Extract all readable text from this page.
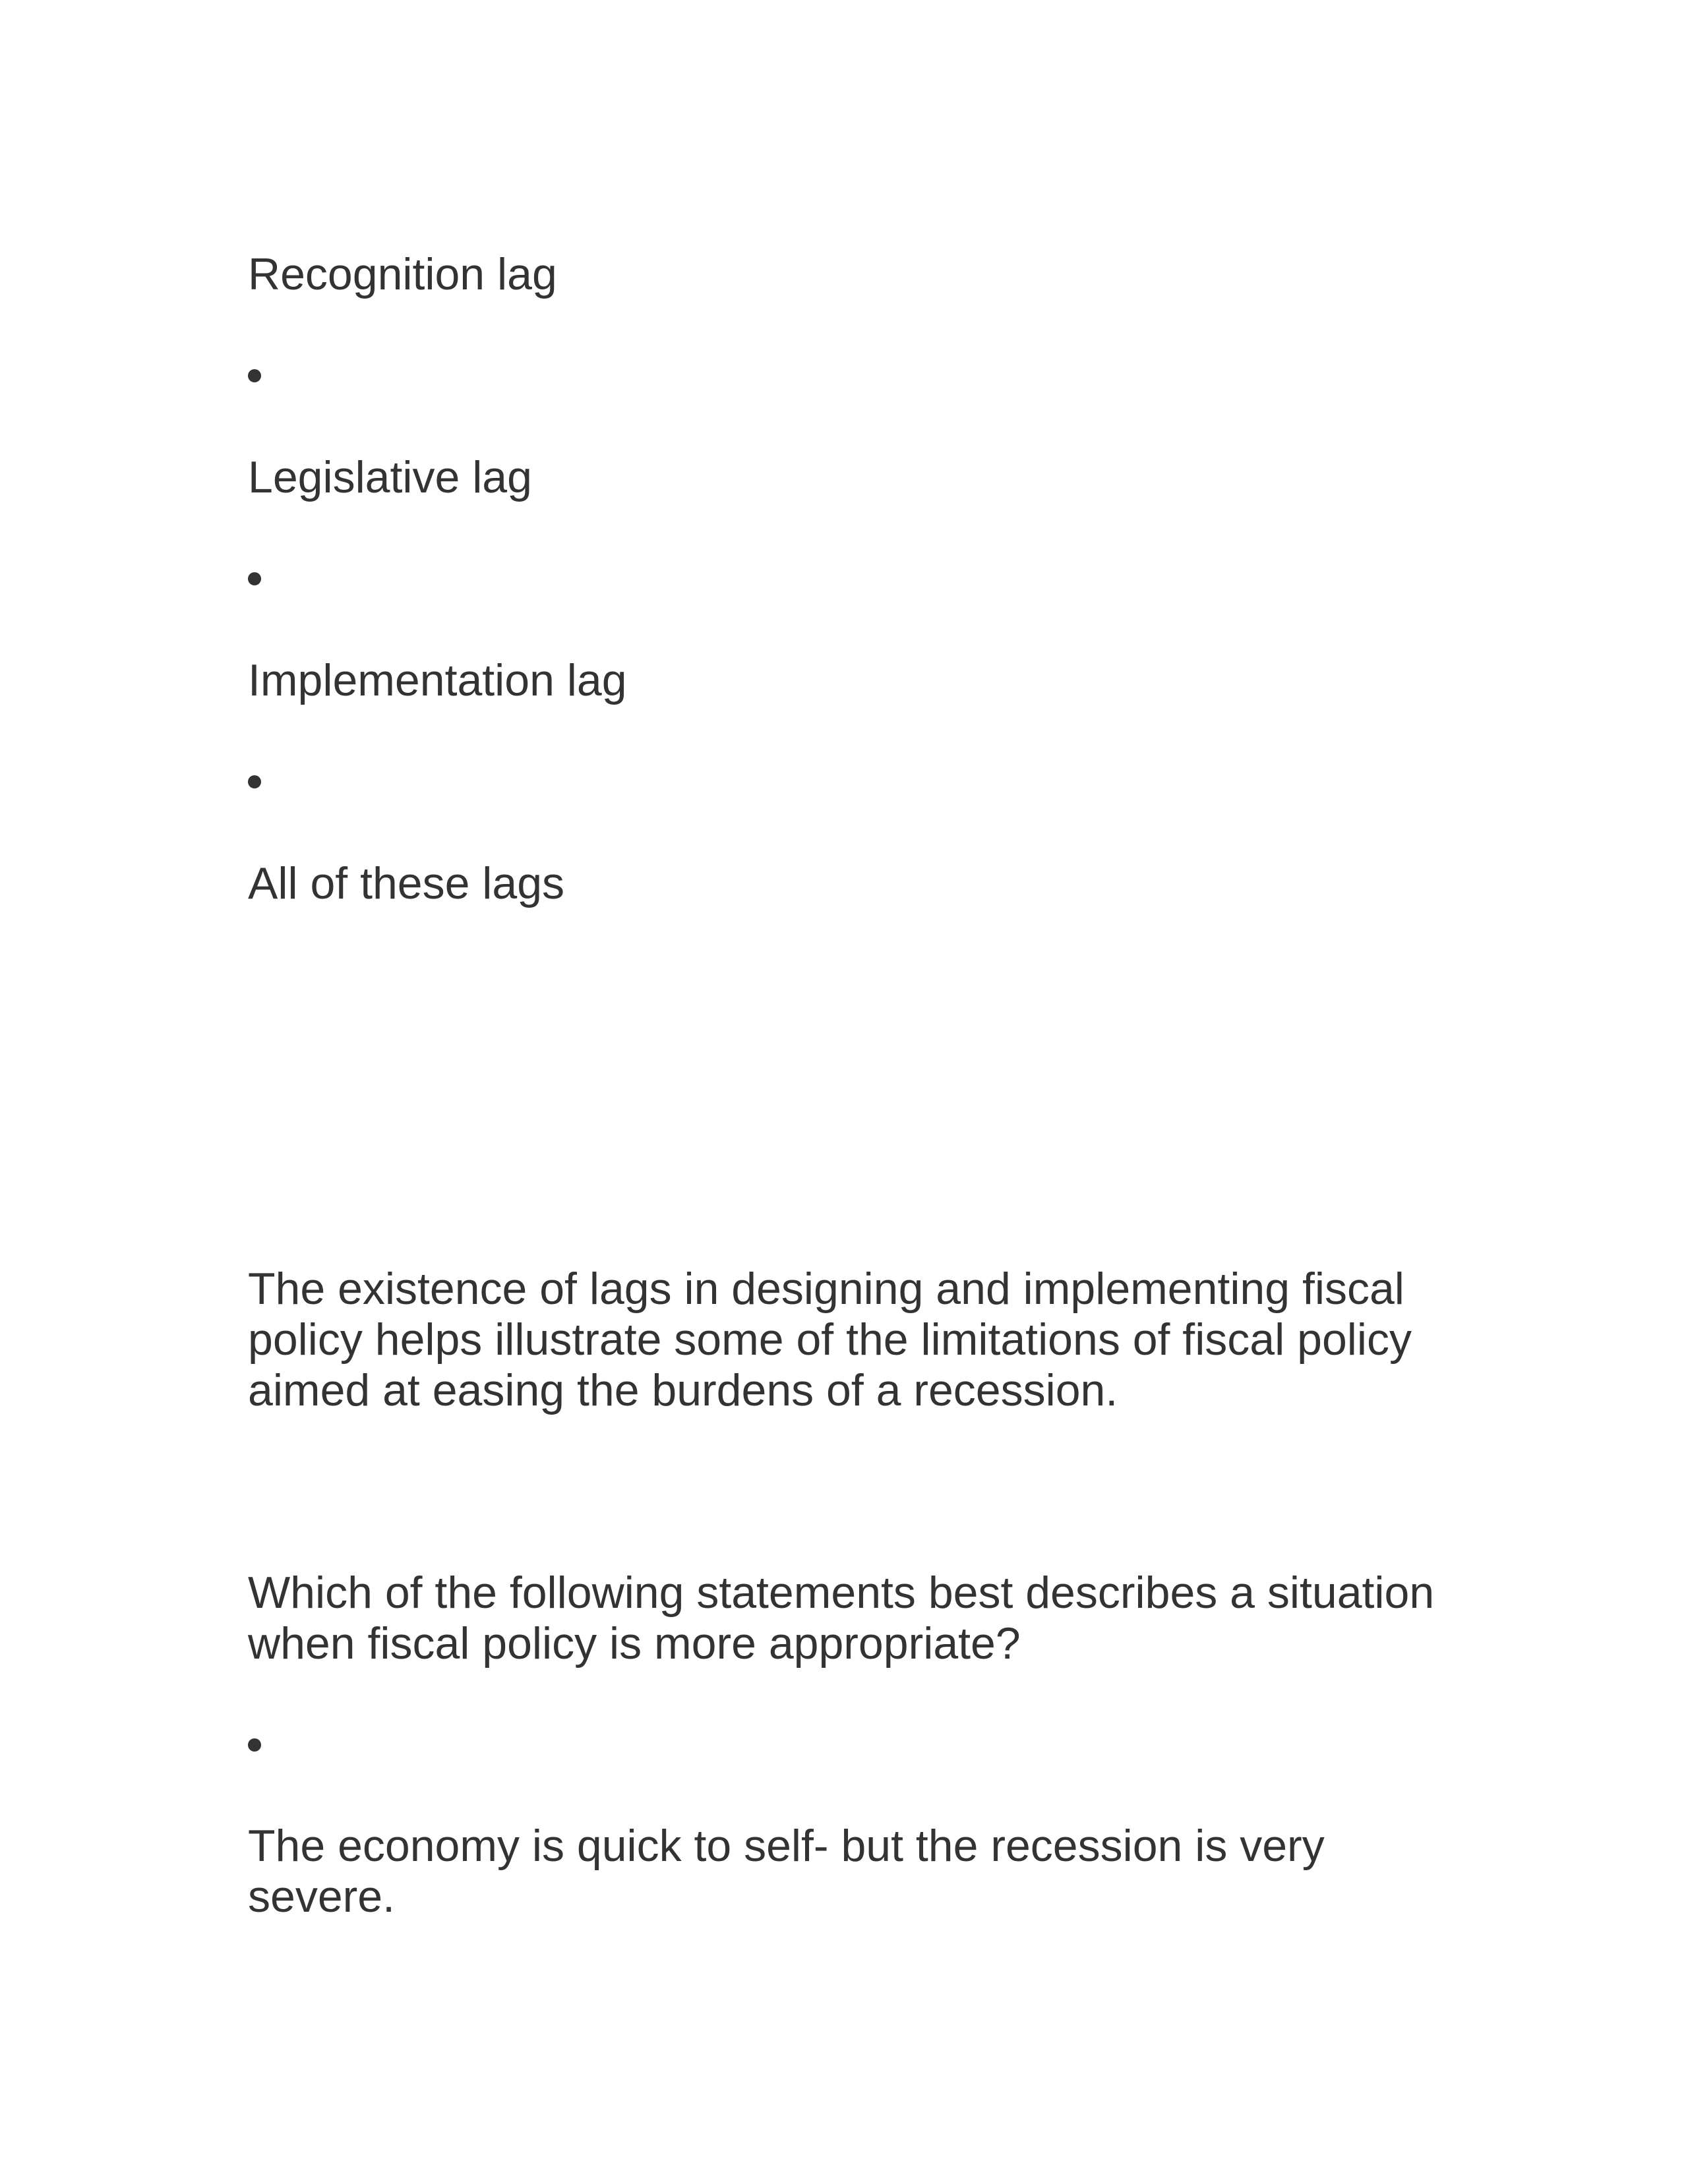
Recognition lag

Legislative lag

Implementation lag

All of these lags

The existence of lags in designing and implementing fiscal policy helps illustrate some of the limitations of fiscal policy aimed at easing the burdens of a recession.

Which of the following statements best describes a situation when fiscal policy is more appropriate?

The economy is quick to self- but the recession is very severe.
